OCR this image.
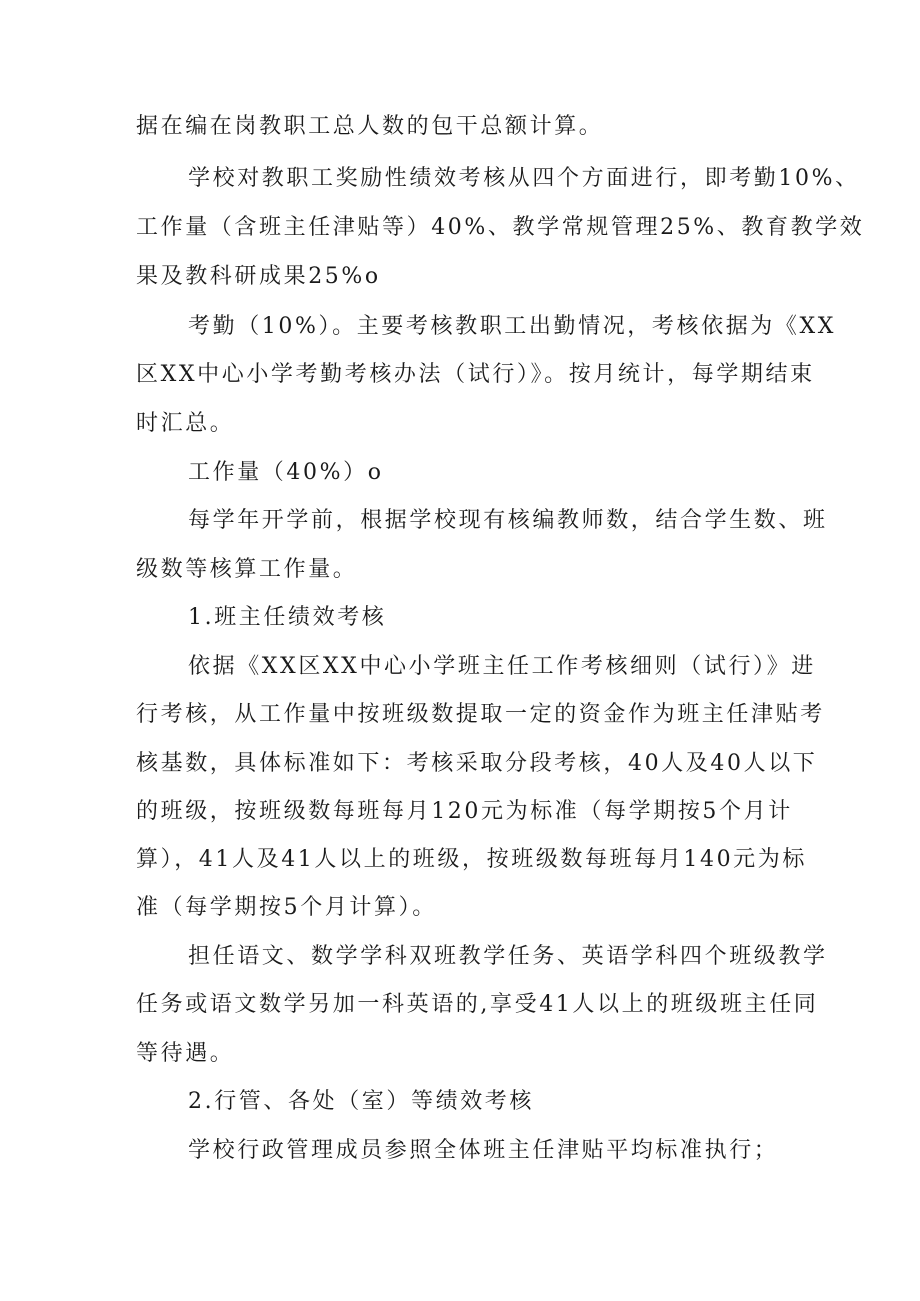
据在编在岗教职工总人数的包干总额计算。

学校对教职工奖励性绩效考核从四个方面进行，即考勤10%、

工作量（含班主任津贴等）40%、教学常规管理25%、教育教学效

果及教科研成果25%o

考勤（10%）。主要考核教职工出勤情况，考核依据为《XX

区XX中心小学考勤考核办法（试行）》。按月统计，每学期结束

时汇总。

工作量（40%）o

每学年开学前，根据学校现有核编教师数，结合学生数、班

级数等核算工作量。

1.班主任绩效考核

依据《XX区XX中心小学班主任工作考核细则（试行）》进

行考核，从工作量中按班级数提取一定的资金作为班主任津贴考

核基数，具体标准如下：考核采取分段考核，40人及40人以下

的班级，按班级数每班每月120元为标准（每学期按5个月计

算），41人及41人以上的班级，按班级数每班每月140元为标

准（每学期按5个月计算）。

担任语文、数学学科双班教学任务、英语学科四个班级教学

任务或语文数学另加一科英语的,享受41人以上的班级班主任同

等待遇。

2.行管、各处（室）等绩效考核

学校行政管理成员参照全体班主任津贴平均标准执行；
